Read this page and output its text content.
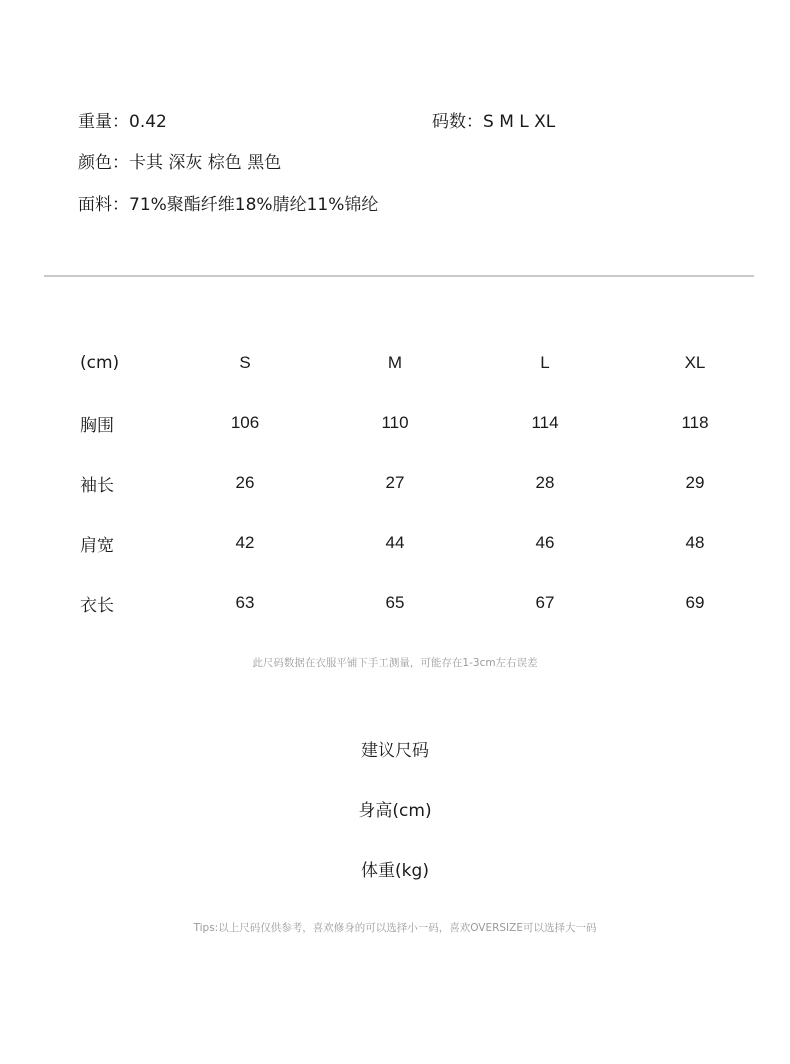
重量：0.42	码数：S M L XL
颜色：卡其 深灰 棕色 黑色
面料：71%聚酯纤维18%腈纶11%锦纶
(cm)	S	M	L	XL
胸围	106	110	114	118
袖长	26	27	28	29
肩宽	42	44	46	48
衣长	63	65	67	69
此尺码数据在衣服平铺下手工测量，可能存在1-3cm左右误差
建议尺码
身高(cm)
体重(kg)
Tips:以上尺码仅供参考，喜欢修身的可以选择小一码，喜欢OVERSIZE可以选择大一码
